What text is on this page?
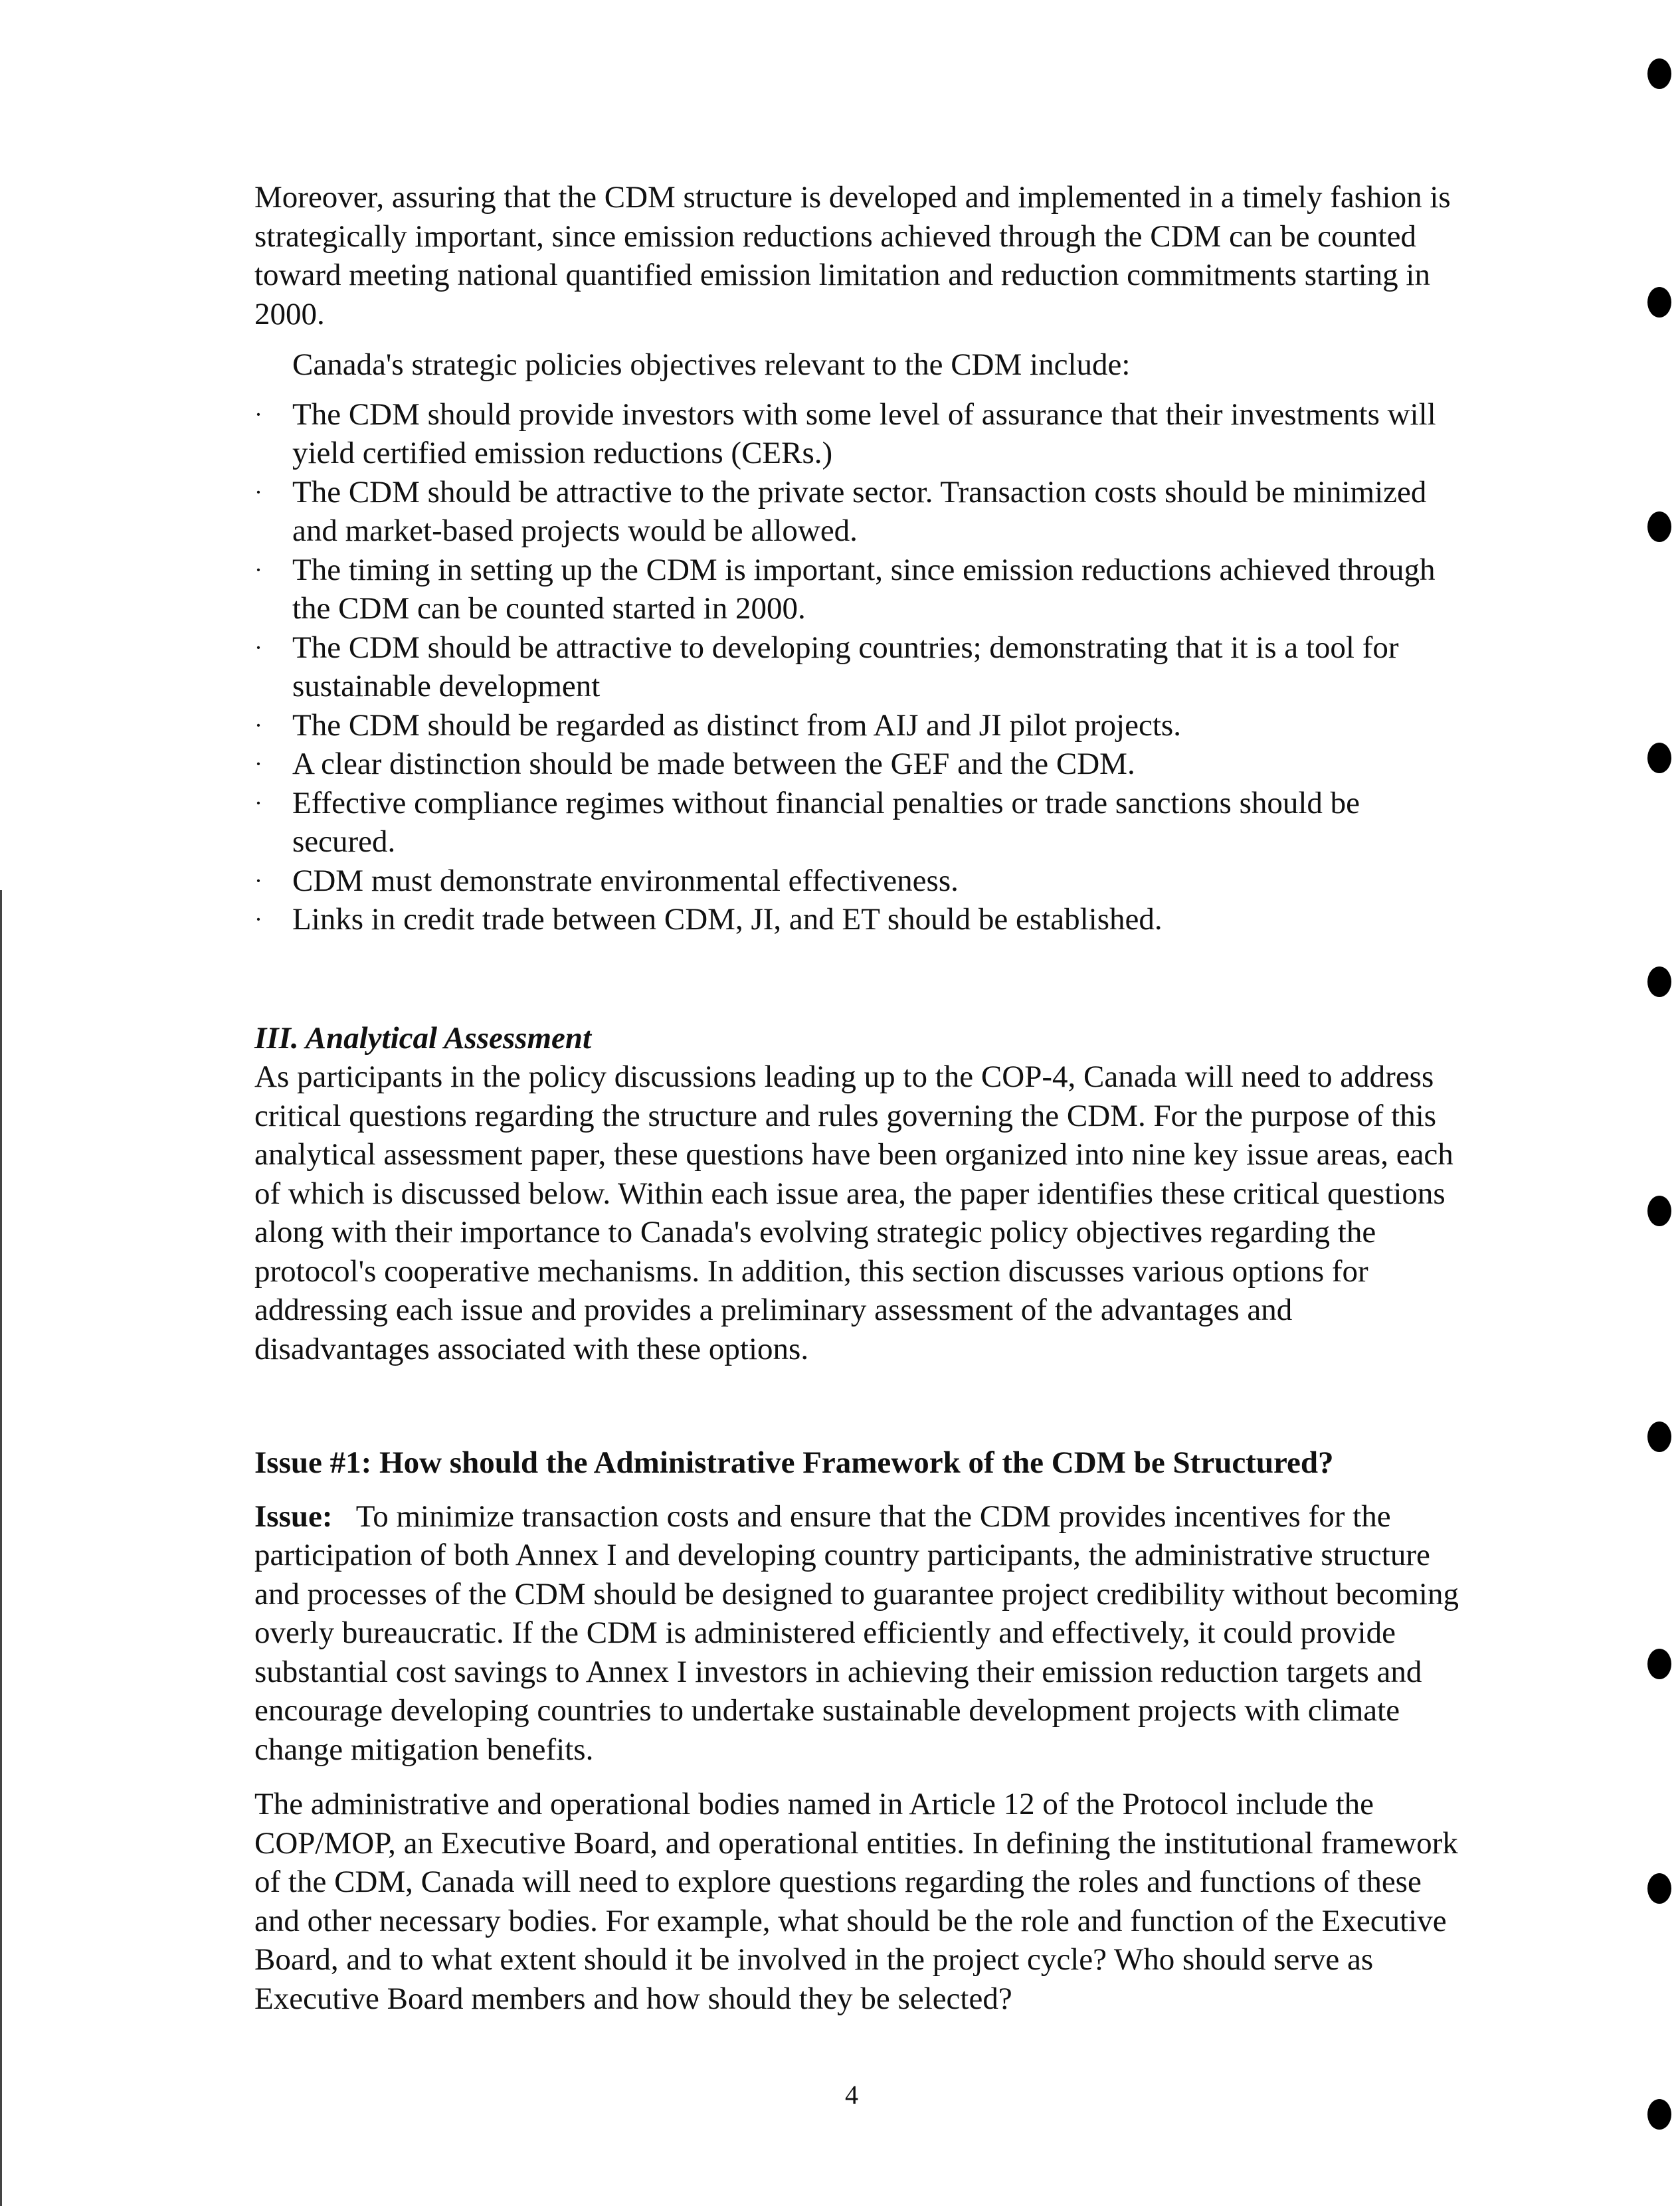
Moreover, assuring that the CDM structure is developed and implemented in a timely fashion is strategically important, since emission reductions achieved through the CDM can be counted toward meeting national quantified emission limitation and reduction commitments starting in 2000.

Canada's strategic policies objectives relevant to the CDM include:

· The CDM should provide investors with some level of assurance that their investments will yield certified emission reductions (CERs.)
· The CDM should be attractive to the private sector. Transaction costs should be minimized and market-based projects would be allowed.
· The timing in setting up the CDM is important, since emission reductions achieved through the CDM can be counted started in 2000.
· The CDM should be attractive to developing countries; demonstrating that it is a tool for sustainable development
· The CDM should be regarded as distinct from AIJ and JI pilot projects.
· A clear distinction should be made between the GEF and the CDM.
· Effective compliance regimes without financial penalties or trade sanctions should be secured.
· CDM must demonstrate environmental effectiveness.
· Links in credit trade between CDM, JI, and ET should be established.

III. Analytical Assessment

As participants in the policy discussions leading up to the COP-4, Canada will need to address critical questions regarding the structure and rules governing the CDM. For the purpose of this analytical assessment paper, these questions have been organized into nine key issue areas, each of which is discussed below. Within each issue area, the paper identifies these critical questions along with their importance to Canada's evolving strategic policy objectives regarding the protocol's cooperative mechanisms. In addition, this section discusses various options for addressing each issue and provides a preliminary assessment of the advantages and disadvantages associated with these options.

Issue #1: How should the Administrative Framework of the CDM be Structured?

Issue: To minimize transaction costs and ensure that the CDM provides incentives for the participation of both Annex I and developing country participants, the administrative structure and processes of the CDM should be designed to guarantee project credibility without becoming overly bureaucratic. If the CDM is administered efficiently and effectively, it could provide substantial cost savings to Annex I investors in achieving their emission reduction targets and encourage developing countries to undertake sustainable development projects with climate change mitigation benefits.

The administrative and operational bodies named in Article 12 of the Protocol include the COP/MOP, an Executive Board, and operational entities. In defining the institutional framework of the CDM, Canada will need to explore questions regarding the roles and functions of these and other necessary bodies. For example, what should be the role and function of the Executive Board, and to what extent should it be involved in the project cycle? Who should serve as Executive Board members and how should they be selected?

4
